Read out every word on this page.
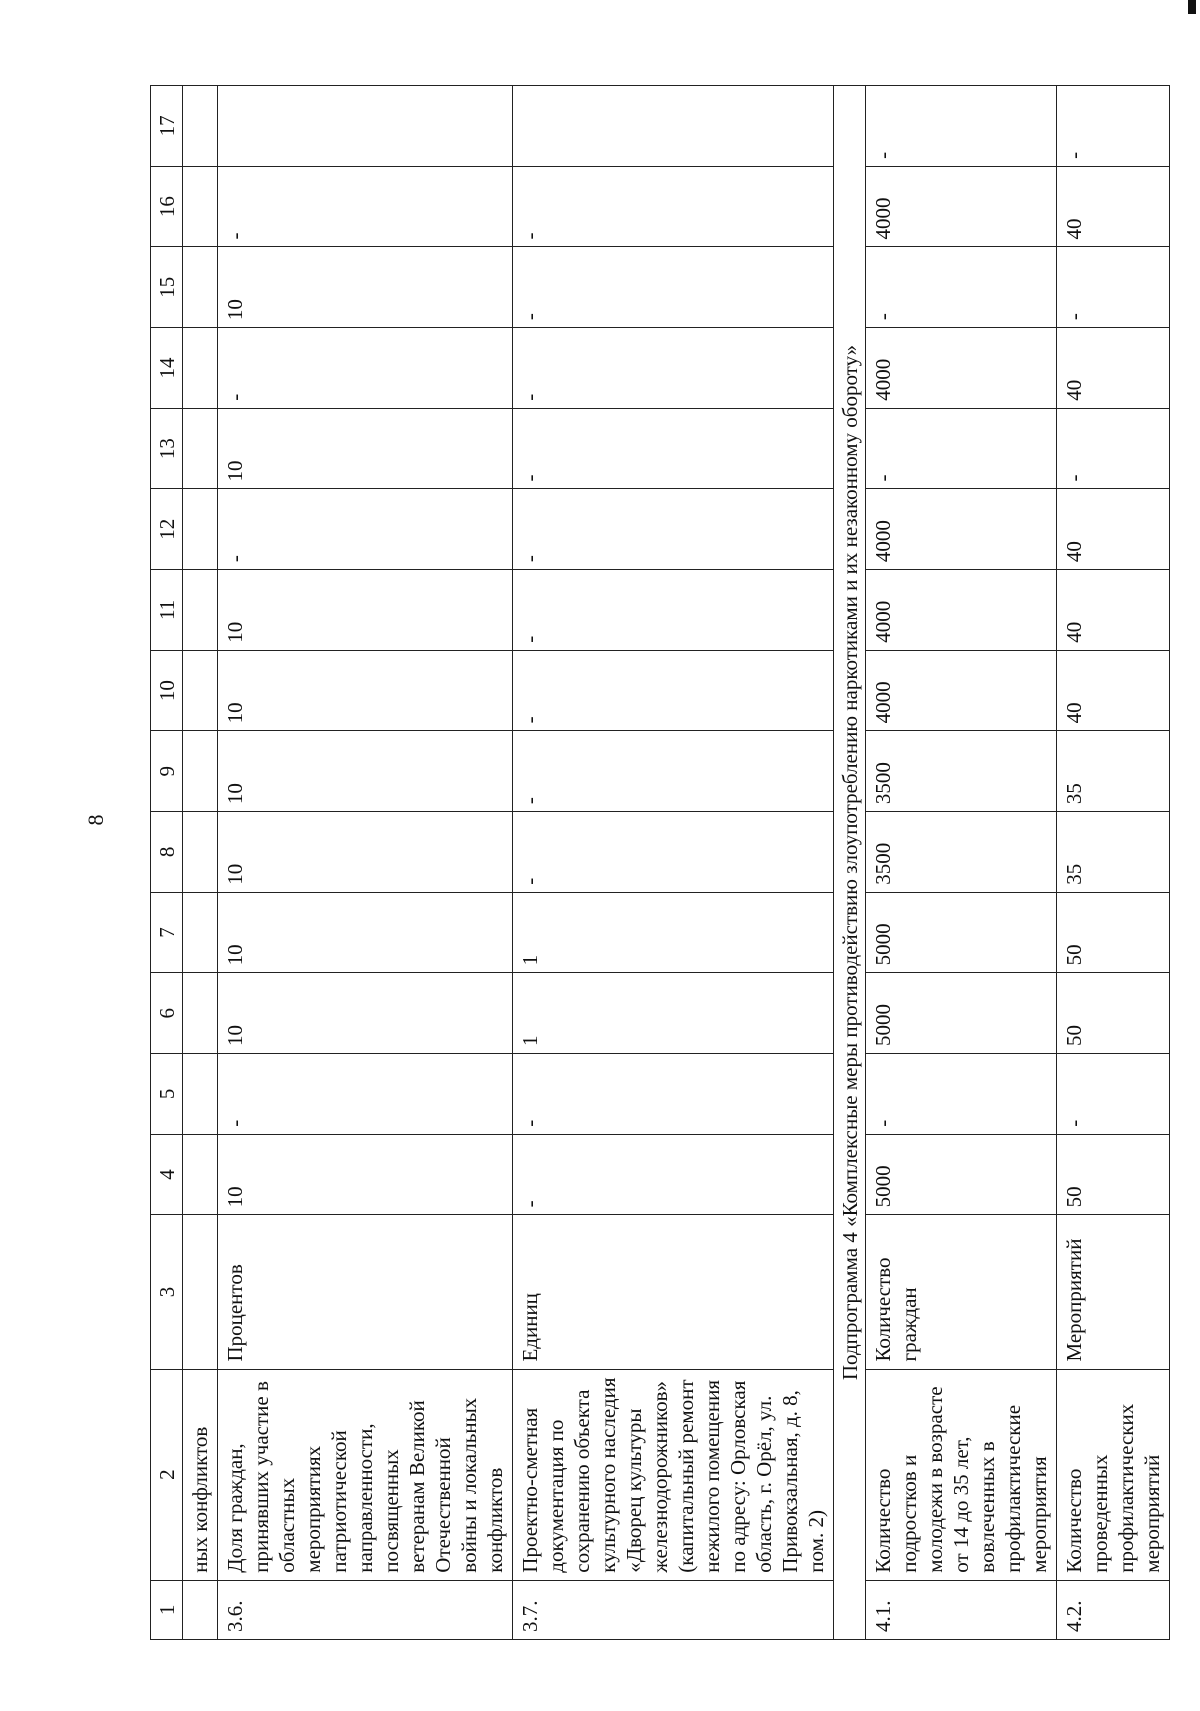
8
1	2	3	4	5	6	7	8	9	10	11	12	13	14	15	16	17
	ных конфликтов															
3.6.	Доля граждан, принявших участие в областных мероприятиях патриотической направленности, посвященных ветеранам Великой Отечественной войны и локальных конфликтов	Процентов	10	-	10	10	10	10	10	10	-	10	-	10	-	
3.7.	Проектно-сметная документация по сохранению объекта культурного наследия «Дворец культуры железнодорожников» (капитальный ремонт нежилого помещения по адресу: Орловская область, г. Орёл, ул. Привокзальная, д. 8, пом. 2)	Единиц	-	-	1	1	-	-	-	-	-	-	-	-	-	
Подпрограмма 4 «Комплексные меры противодействию злоупотреблению наркотиками и их незаконному обороту»																
4.1.	Количество подростков и молодежи в возрасте от 14 до 35 лет, вовлеченных в профилактические мероприятия	Количество граждан	5000	-	5000	5000	3500	3500	4000	4000	4000	-	4000	-	4000	-
4.2.	Количество проведенных профилактических мероприятий	Мероприятий	50	-	50	50	35	35	40	40	40	-	40	-	40	-
